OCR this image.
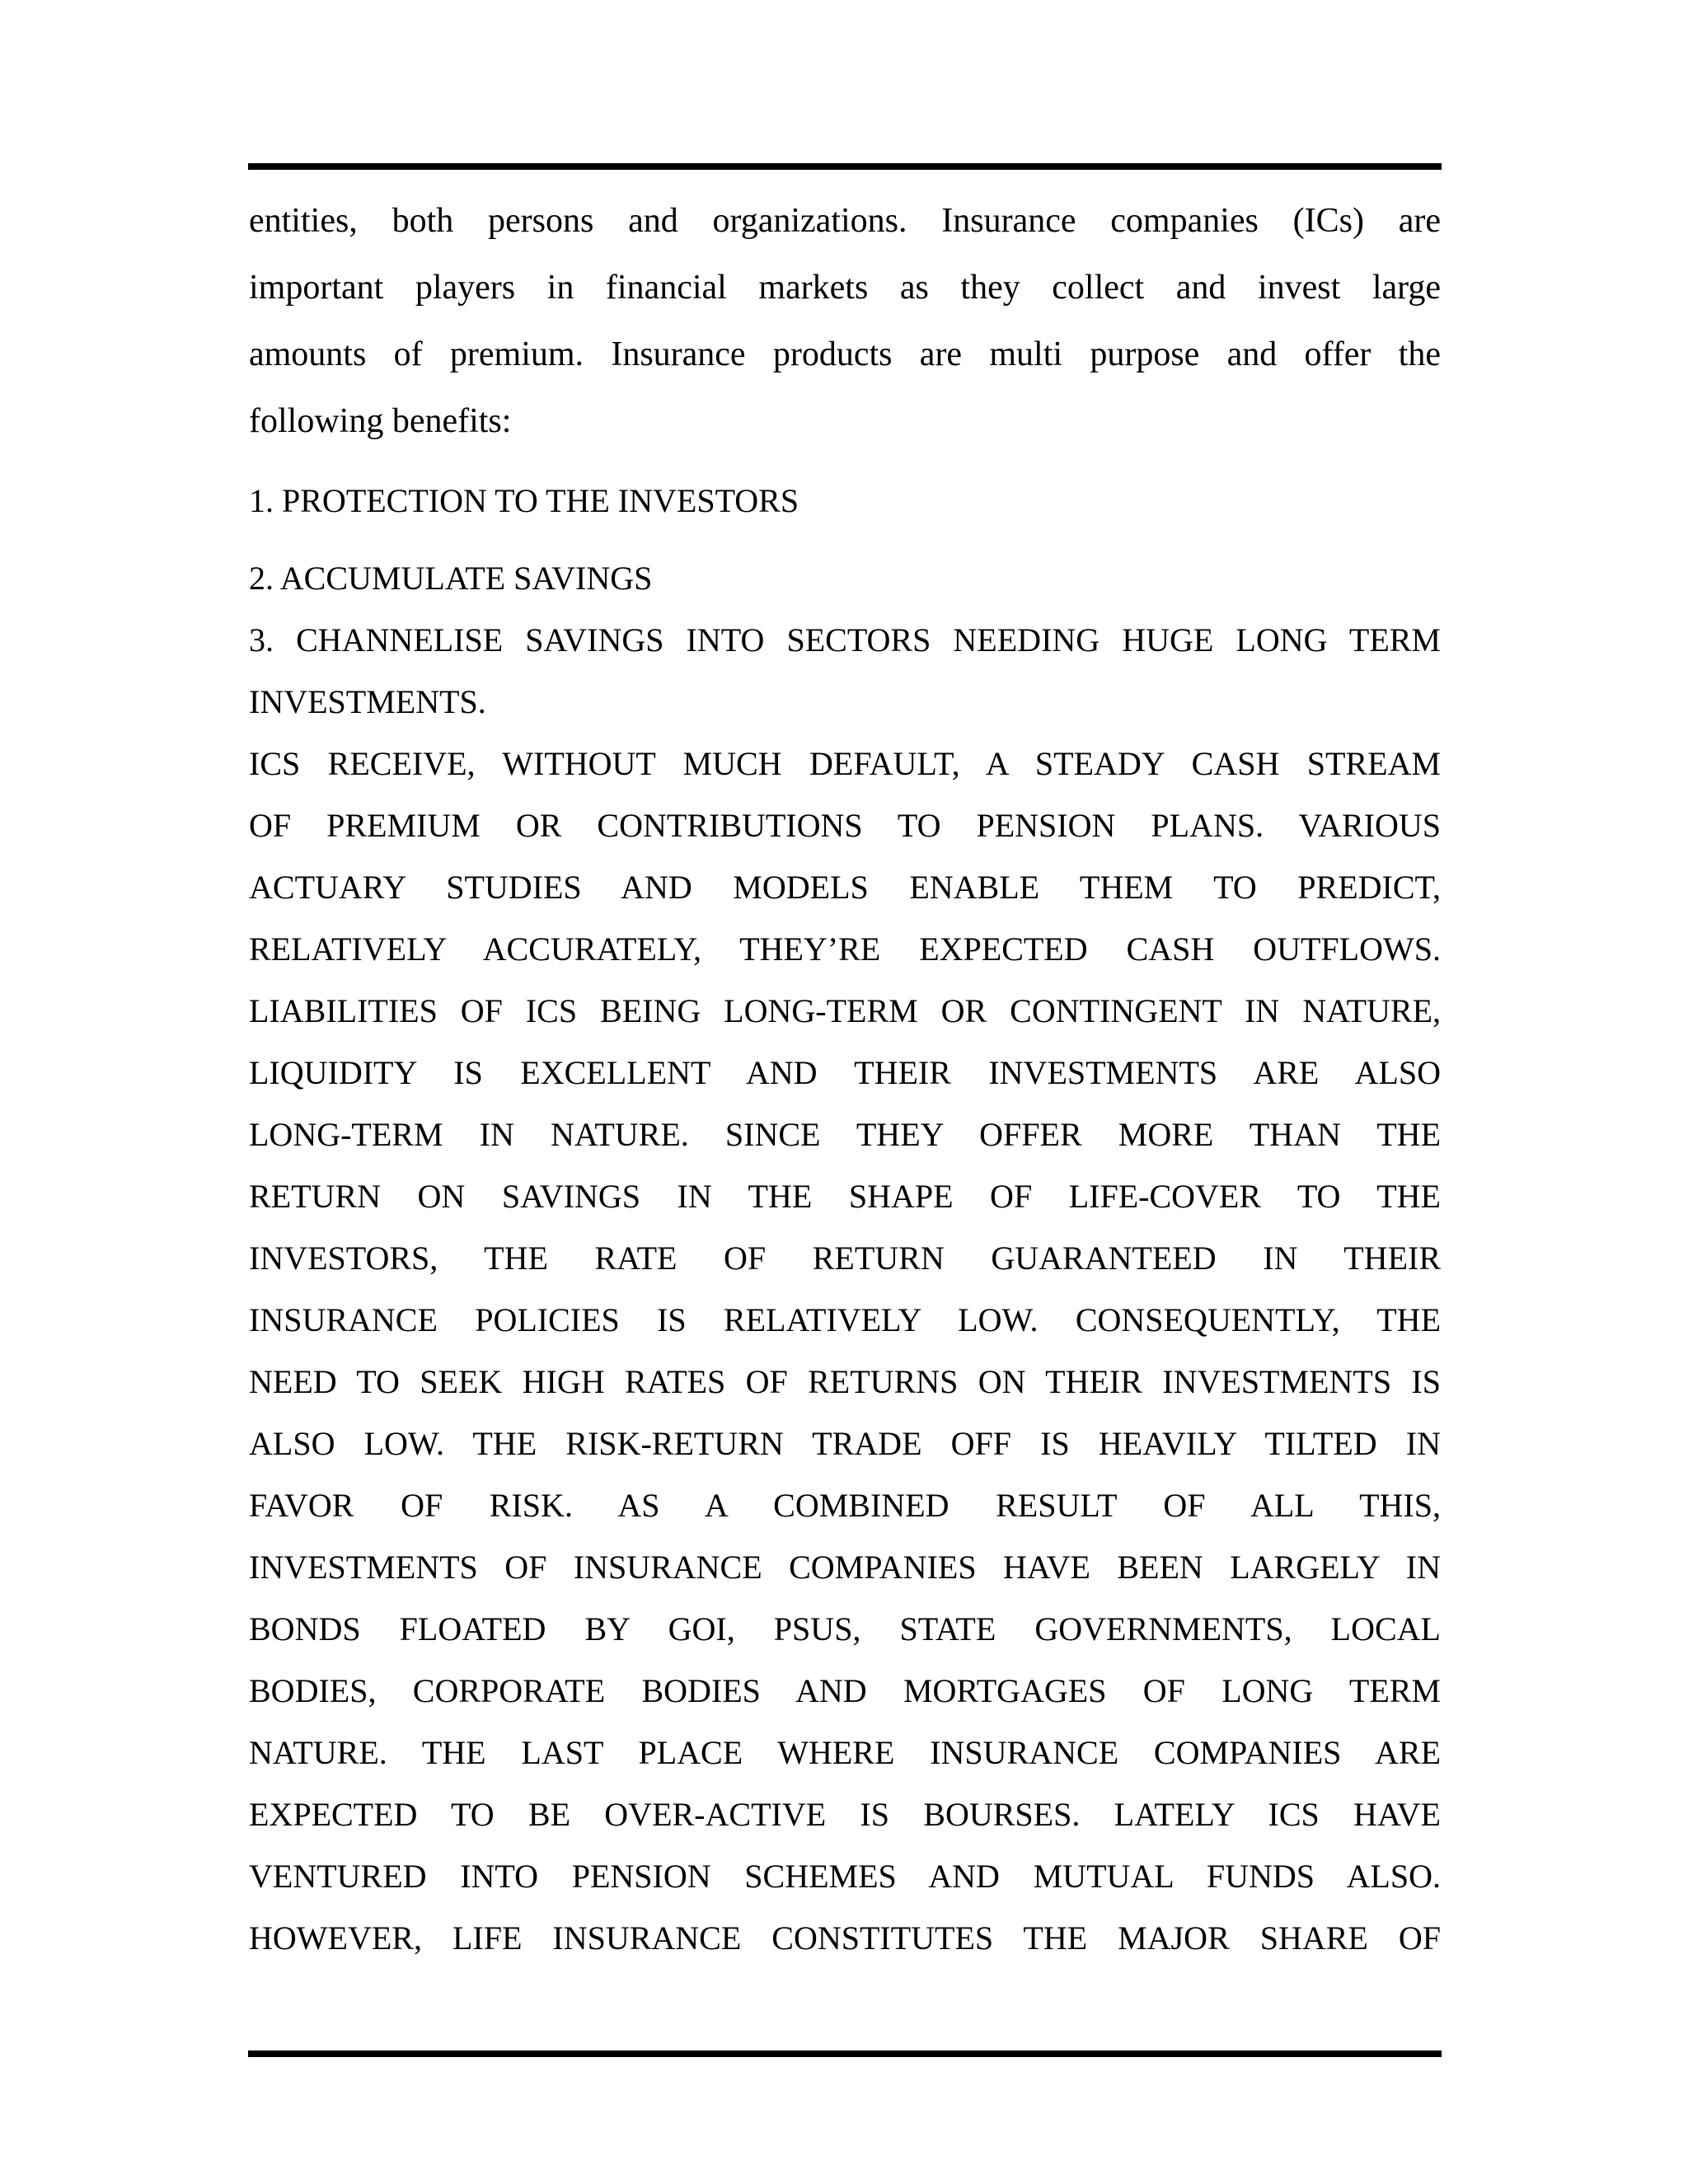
entities, both persons and organizations. Insurance companies (ICs) are
important players in financial markets as they collect and invest large
amounts of premium. Insurance products are multi purpose and offer the
following benefits:
1. PROTECTION TO THE INVESTORS
2. ACCUMULATE SAVINGS
3. CHANNELISE SAVINGS INTO SECTORS NEEDING HUGE LONG TERM
INVESTMENTS.
ICS RECEIVE, WITHOUT MUCH DEFAULT, A STEADY CASH STREAM
OF PREMIUM OR CONTRIBUTIONS TO PENSION PLANS. VARIOUS
ACTUARY STUDIES AND MODELS ENABLE THEM TO PREDICT,
RELATIVELY ACCURATELY, THEY’RE EXPECTED CASH OUTFLOWS.
LIABILITIES OF ICS BEING LONG-TERM OR CONTINGENT IN NATURE,
LIQUIDITY IS EXCELLENT AND THEIR INVESTMENTS ARE ALSO
LONG-TERM IN NATURE. SINCE THEY OFFER MORE THAN THE
RETURN ON SAVINGS IN THE SHAPE OF LIFE-COVER TO THE
INVESTORS, THE RATE OF RETURN GUARANTEED IN THEIR
INSURANCE POLICIES IS RELATIVELY LOW. CONSEQUENTLY, THE
NEED TO SEEK HIGH RATES OF RETURNS ON THEIR INVESTMENTS IS
ALSO LOW. THE RISK-RETURN TRADE OFF IS HEAVILY TILTED IN
FAVOR OF RISK. AS A COMBINED RESULT OF ALL THIS,
INVESTMENTS OF INSURANCE COMPANIES HAVE BEEN LARGELY IN
BONDS FLOATED BY GOI, PSUS, STATE GOVERNMENTS, LOCAL
BODIES, CORPORATE BODIES AND MORTGAGES OF LONG TERM
NATURE. THE LAST PLACE WHERE INSURANCE COMPANIES ARE
EXPECTED TO BE OVER-ACTIVE IS BOURSES. LATELY ICS HAVE
VENTURED INTO PENSION SCHEMES AND MUTUAL FUNDS ALSO.
HOWEVER, LIFE INSURANCE CONSTITUTES THE MAJOR SHARE OF
